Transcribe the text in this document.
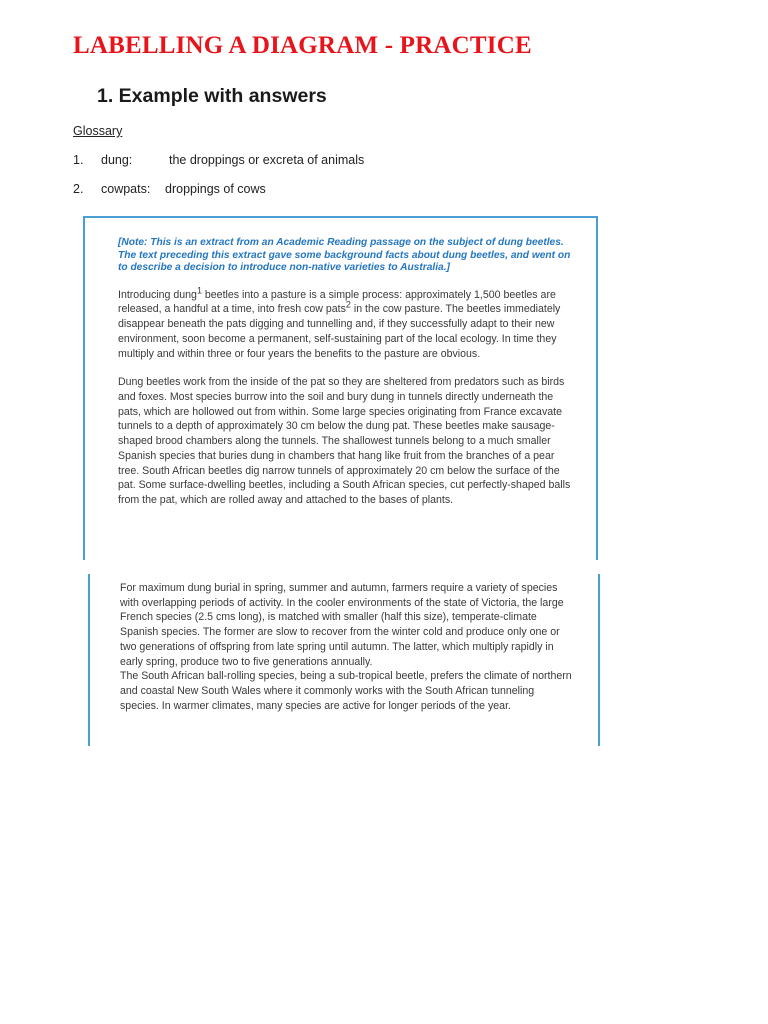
LABELLING A DIAGRAM - PRACTICE
1. Example with answers
Glossary
1. dung:	the droppings or excreta of animals
2. cowpats: droppings of cows

[Note: This is an extract from an Academic Reading passage on the subject of dung beetles. The text preceding this extract gave some background facts about dung beetles, and went on to describe a decision to introduce non-native varieties to Australia.]

Introducing dung$^1$ beetles into a pasture is a simple process: approximately 1,500 beetles are released, a handful at a time, into fresh cow pats$^2$ in the cow pasture. The beetles immediately disappear beneath the pats digging and tunnelling and, if they successfully adapt to their new environment, soon become a permanent, self-sustaining part of the local ecology. In time they multiply and within three or four years the benefits to the pasture are obvious.

Dung beetles work from the inside of the pat so they are sheltered from predators such as birds and foxes. Most species burrow into the soil and bury dung in tunnels directly underneath the pats, which are hollowed out from within. Some large species originating from France excavate tunnels to a depth of approximately 30 cm below the dung pat. These beetles make sausage-shaped brood chambers along the tunnels. The shallowest tunnels belong to a much smaller Spanish species that buries dung in chambers that hang like fruit from the branches of a pear tree. South African beetles dig narrow tunnels of approximately 20 cm below the surface of the pat. Some surface-dwelling beetles, including a South African species, cut perfectly-shaped balls from the pat, which are rolled away and attached to the bases of plants.

For maximum dung burial in spring, summer and autumn, farmers require a variety of species with overlapping periods of activity. In the cooler environments of the state of Victoria, the large French species (2.5 cms long), is matched with smaller (half this size), temperate-climate Spanish species. The former are slow to recover from the winter cold and produce only one or two generations of offspring from late spring until autumn. The latter, which multiply rapidly in early spring, produce two to five generations annually.

The South African ball-rolling species, being a sub-tropical beetle, prefers the climate of northern and coastal New South Wales where it commonly works with the South African tunneling species. In warmer climates, many species are active for longer periods of the year.
